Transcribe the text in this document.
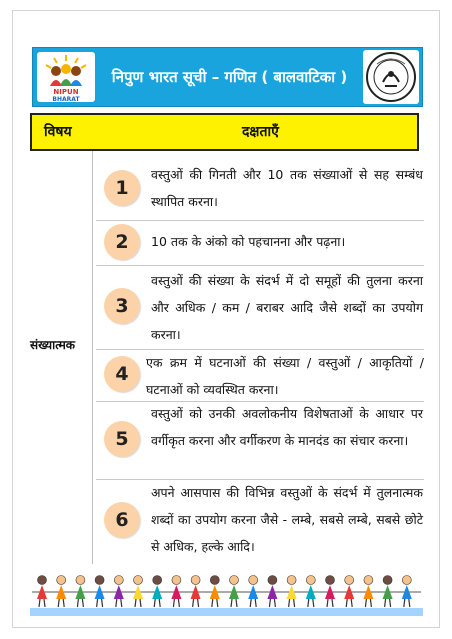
NIPUN
BHARAT
निपुण भारत सूची – गणित ( बालवाटिका )
विषय	दक्षताएँ
संख्यात्मक
1
वस्तुओं की गिनती और 10 तक संख्याओं से सह सम्बंध स्थापित करना।
2	10 तक के अंको को पहचानना और पढ़ना।
3
वस्तुओं की संख्या के संदर्भ में दो समूहों की तुलना करना और अधिक / कम / बराबर आदि जैसे शब्दों का उपयोग करना।
4
एक क्रम में घटनाओं की संख्या / वस्तुओं / आकृतियों / घटनाओं को व्यवस्थित करना।
5
वस्तुओं को उनकी अवलोकनीय विशेषताओं के आधार पर वर्गीकृत करना और वर्गीकरण के मानदंड का संचार करना।
6
अपने आसपास की विभिन्न वस्तुओं के संदर्भ में तुलनात्मक शब्दों का उपयोग करना जैसे - लम्बे, सबसे लम्बे, सबसे छोटे से अधिक, हल्के आदि।
